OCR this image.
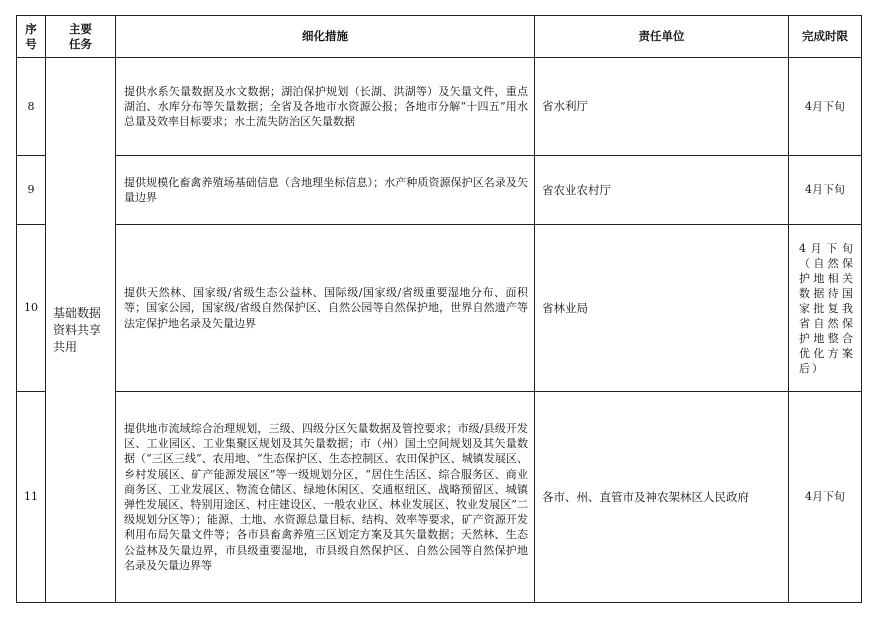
序号	主要任务	细化措施	责任单位	完成时限
8	基础数据资料共享共用	提供水系矢量数据及水文数据；湖泊保护规划（长湖、洪湖等）及矢量文件，重点湖泊、水库分布等矢量数据；全省及各地市水资源公报；各地市分解“十四五”用水总量及效率目标要求；水土流失防治区矢量数据	省水利厅	4月下旬
9		提供规模化畜禽养殖场基础信息（含地理坐标信息）；水产种质资源保护区名录及矢量边界	省农业农村厅	4月下旬
10		提供天然林、国家级/省级生态公益林、国际级/国家级/省级重要湿地分布、面积等；国家公园，国家级/省级自然保护区、自然公园等自然保护地，世界自然遗产等法定保护地名录及矢量边界	省林业局	4月下旬（自然保护地相关数据待国家批复我省自然保护地整合优化方案后）
11		提供地市流域综合治理规划，三级、四级分区矢量数据及管控要求；市级/县级开发区、工业园区、工业集聚区规划及其矢量数据；市（州）国土空间规划及其矢量数据（“三区三线”、农用地、“生态保护区、生态控制区、农田保护区、城镇发展区、乡村发展区、矿产能源发展区”等一级规划分区，“居住生活区、综合服务区、商业商务区、工业发展区、物流仓储区、绿地休闲区、交通枢纽区、战略预留区、城镇弹性发展区、特别用途区、村庄建设区、一般农业区、林业发展区、牧业发展区”二级规划分区等）；能源、土地、水资源总量目标、结构、效率等要求，矿产资源开发利用布局矢量文件等；各市县畜禽养殖三区划定方案及其矢量数据；天然林、生态公益林及矢量边界，市县级重要湿地，市县级自然保护区、自然公园等自然保护地名录及矢量边界等	各市、州、直管市及神农架林区人民政府	4月下旬
